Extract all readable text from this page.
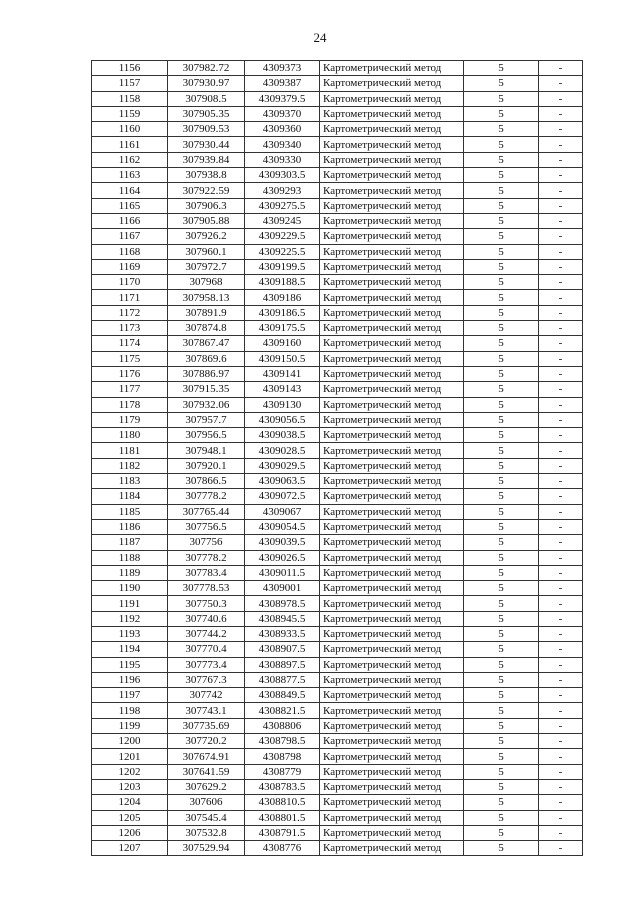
24
1156	307982.72	4309373	Картометрический метод	5	-
1157	307930.97	4309387	Картометрический метод	5	-
1158	307908.5	4309379.5	Картометрический метод	5	-
1159	307905.35	4309370	Картометрический метод	5	-
1160	307909.53	4309360	Картометрический метод	5	-
1161	307930.44	4309340	Картометрический метод	5	-
1162	307939.84	4309330	Картометрический метод	5	-
1163	307938.8	4309303.5	Картометрический метод	5	-
1164	307922.59	4309293	Картометрический метод	5	-
1165	307906.3	4309275.5	Картометрический метод	5	-
1166	307905.88	4309245	Картометрический метод	5	-
1167	307926.2	4309229.5	Картометрический метод	5	-
1168	307960.1	4309225.5	Картометрический метод	5	-
1169	307972.7	4309199.5	Картометрический метод	5	-
1170	307968	4309188.5	Картометрический метод	5	-
1171	307958.13	4309186	Картометрический метод	5	-
1172	307891.9	4309186.5	Картометрический метод	5	-
1173	307874.8	4309175.5	Картометрический метод	5	-
1174	307867.47	4309160	Картометрический метод	5	-
1175	307869.6	4309150.5	Картометрический метод	5	-
1176	307886.97	4309141	Картометрический метод	5	-
1177	307915.35	4309143	Картометрический метод	5	-
1178	307932.06	4309130	Картометрический метод	5	-
1179	307957.7	4309056.5	Картометрический метод	5	-
1180	307956.5	4309038.5	Картометрический метод	5	-
1181	307948.1	4309028.5	Картометрический метод	5	-
1182	307920.1	4309029.5	Картометрический метод	5	-
1183	307866.5	4309063.5	Картометрический метод	5	-
1184	307778.2	4309072.5	Картометрический метод	5	-
1185	307765.44	4309067	Картометрический метод	5	-
1186	307756.5	4309054.5	Картометрический метод	5	-
1187	307756	4309039.5	Картометрический метод	5	-
1188	307778.2	4309026.5	Картометрический метод	5	-
1189	307783.4	4309011.5	Картометрический метод	5	-
1190	307778.53	4309001	Картометрический метод	5	-
1191	307750.3	4308978.5	Картометрический метод	5	-
1192	307740.6	4308945.5	Картометрический метод	5	-
1193	307744.2	4308933.5	Картометрический метод	5	-
1194	307770.4	4308907.5	Картометрический метод	5	-
1195	307773.4	4308897.5	Картометрический метод	5	-
1196	307767.3	4308877.5	Картометрический метод	5	-
1197	307742	4308849.5	Картометрический метод	5	-
1198	307743.1	4308821.5	Картометрический метод	5	-
1199	307735.69	4308806	Картометрический метод	5	-
1200	307720.2	4308798.5	Картометрический метод	5	-
1201	307674.91	4308798	Картометрический метод	5	-
1202	307641.59	4308779	Картометрический метод	5	-
1203	307629.2	4308783.5	Картометрический метод	5	-
1204	307606	4308810.5	Картометрический метод	5	-
1205	307545.4	4308801.5	Картометрический метод	5	-
1206	307532.8	4308791.5	Картометрический метод	5	-
1207	307529.94	4308776	Картометрический метод	5	-
